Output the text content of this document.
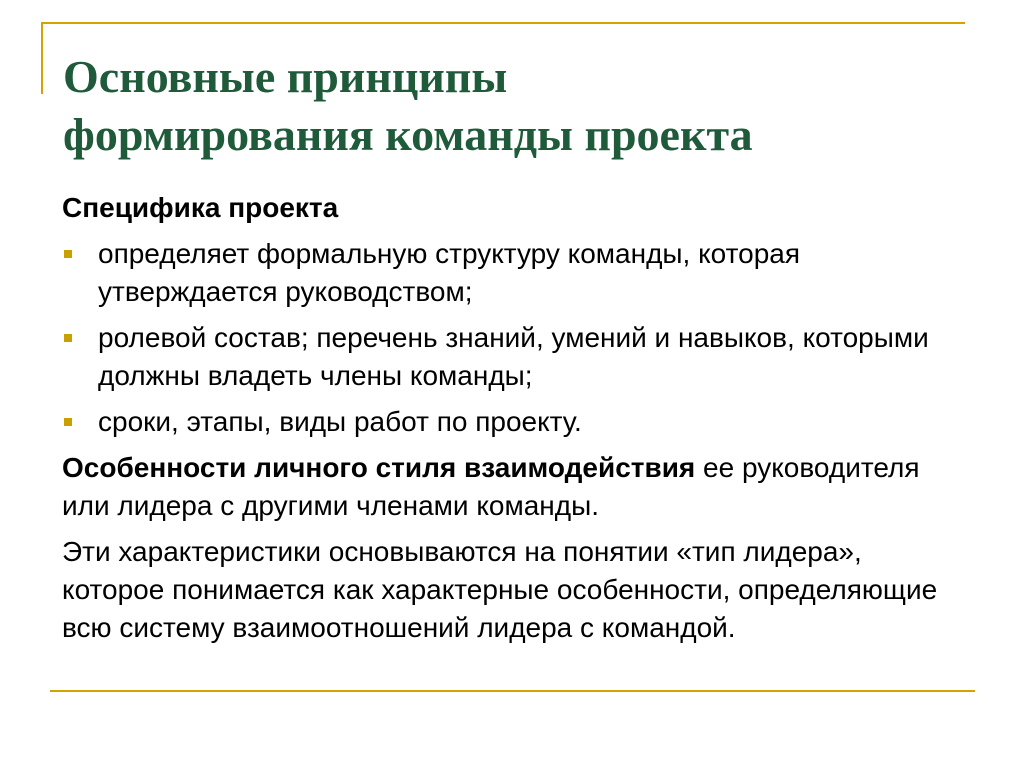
Основные принципы
формирования команды проекта
Специфика проекта
определяет формальную структуру команды, которая утверждается руководством;
ролевой состав; перечень знаний, умений и навыков, которыми должны владеть члены команды;
сроки, этапы, виды работ по проекту.

Особенности личного стиля взаимодействия ее руководителя или лидера с другими членами команды.

Эти характеристики основываются на понятии «тип лидера», которое понимается как характерные особенности, определяющие всю систему взаимоотношений лидера с командой.
